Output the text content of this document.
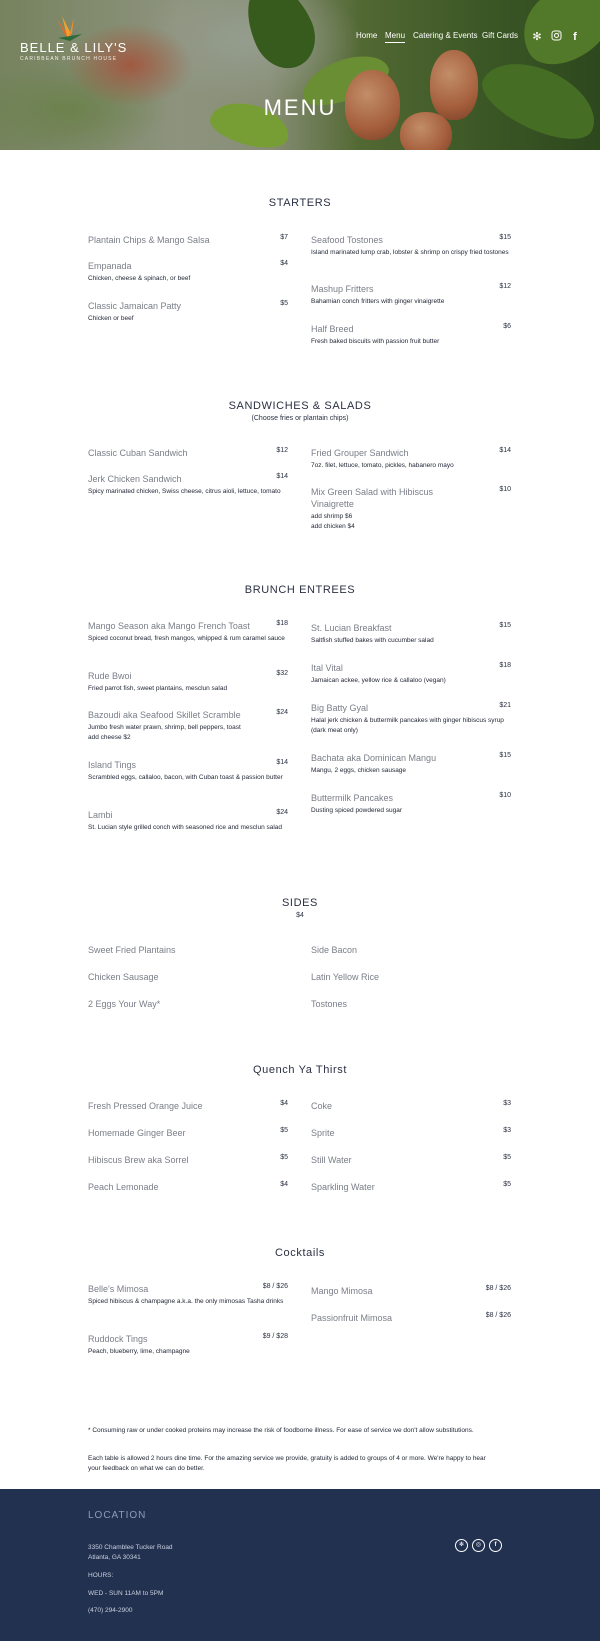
BELLE & LILY'S
CARIBBEAN BRUNCH HOUSE
Home Menu Catering & Events Gift Cards ✻	f
MENU
STARTERS
Plantain Chips & Mango Salsa	$7
Empanada	$4
Chicken, cheese & spinach, or beef
Classic Jamaican Patty	$5
Chicken or beef
Seafood Tostones	$15
Island marinated lump crab, lobster & shrimp on crispy fried tostones
Mashup Fritters	$12
Bahamian conch fritters with ginger vinaigrette
Half Breed	$6
Fresh baked biscuits with passion fruit butter
SANDWICHES & SALADS
(Choose fries or plantain chips)
Classic Cuban Sandwich	$12
Jerk Chicken Sandwich	$14
Spicy marinated chicken, Swiss cheese, citrus aioli, lettuce, tomato
Fried Grouper Sandwich	$14
7oz. filet, lettuce, tomato, pickles, habanero mayo
Mix Green Salad with Hibiscus Vinaigrette
$10
add shrimp $6
add chicken $4
BRUNCH ENTREES
Mango Season aka Mango French Toast	$18
Spiced coconut bread, fresh mangos, whipped & rum caramel sauce
Rude Bwoi	$32
Fried parrot fish, sweet plantains, mesclun salad
Bazoudi aka Seafood Skillet Scramble	$24
Jumbo fresh water prawn, shrimp, bell peppers, toast
add cheese $2
Island Tings	$14
Scrambled eggs, callaloo, bacon, with Cuban toast & passion butter
Lambi	$24
St. Lucian style grilled conch with seasoned rice and mesclun salad
St. Lucian Breakfast	$15
Saltfish stuffed bakes with cucumber salad
Ital Vital	$18
Jamaican ackee, yellow rice & callaloo (vegan)
Big Batty Gyal	$21
Halal jerk chicken & buttermilk pancakes with ginger hibiscus syrup (dark meat only)
Bachata aka Dominican Mangu	$15
Mangu, 2 eggs, chicken sausage
Buttermilk Pancakes	$10
Dusting spiced powdered sugar
SIDES
$4
Sweet Fried Plantains
Chicken Sausage
2 Eggs Your Way*
Side Bacon
Latin Yellow Rice
Tostones
Quench Ya Thirst
Fresh Pressed Orange Juice	$4
Homemade Ginger Beer	$5
Hibiscus Brew aka Sorrel	$5
Peach Lemonade	$4
Coke	$3
Sprite	$3
Still Water	$5
Sparkling Water	$5
Cocktails
Belle's Mimosa	$8 / $26
Spiced hibiscus & champagne a.k.a. the only mimosas Tasha drinks
Ruddock Tings	$9 / $28
Peach, blueberry, lime, champagne
Mango Mimosa	$8 / $26
Passionfruit Mimosa	$8 / $26
* Consuming raw or under cooked proteins may increase the risk of foodborne illness. For ease of service we don't allow substitutions.
Each table is allowed 2 hours dine time. For the amazing service we provide, gratuity is added to groups of 4 or more. We're happy to hear your feedback on what we can do better.
LOCATION
3350 Chamblee Tucker Road
Atlanta, GA 30341
HOURS:
WED - SUN 11AM to 5PM
(470) 294-2900
✻	◎	f
